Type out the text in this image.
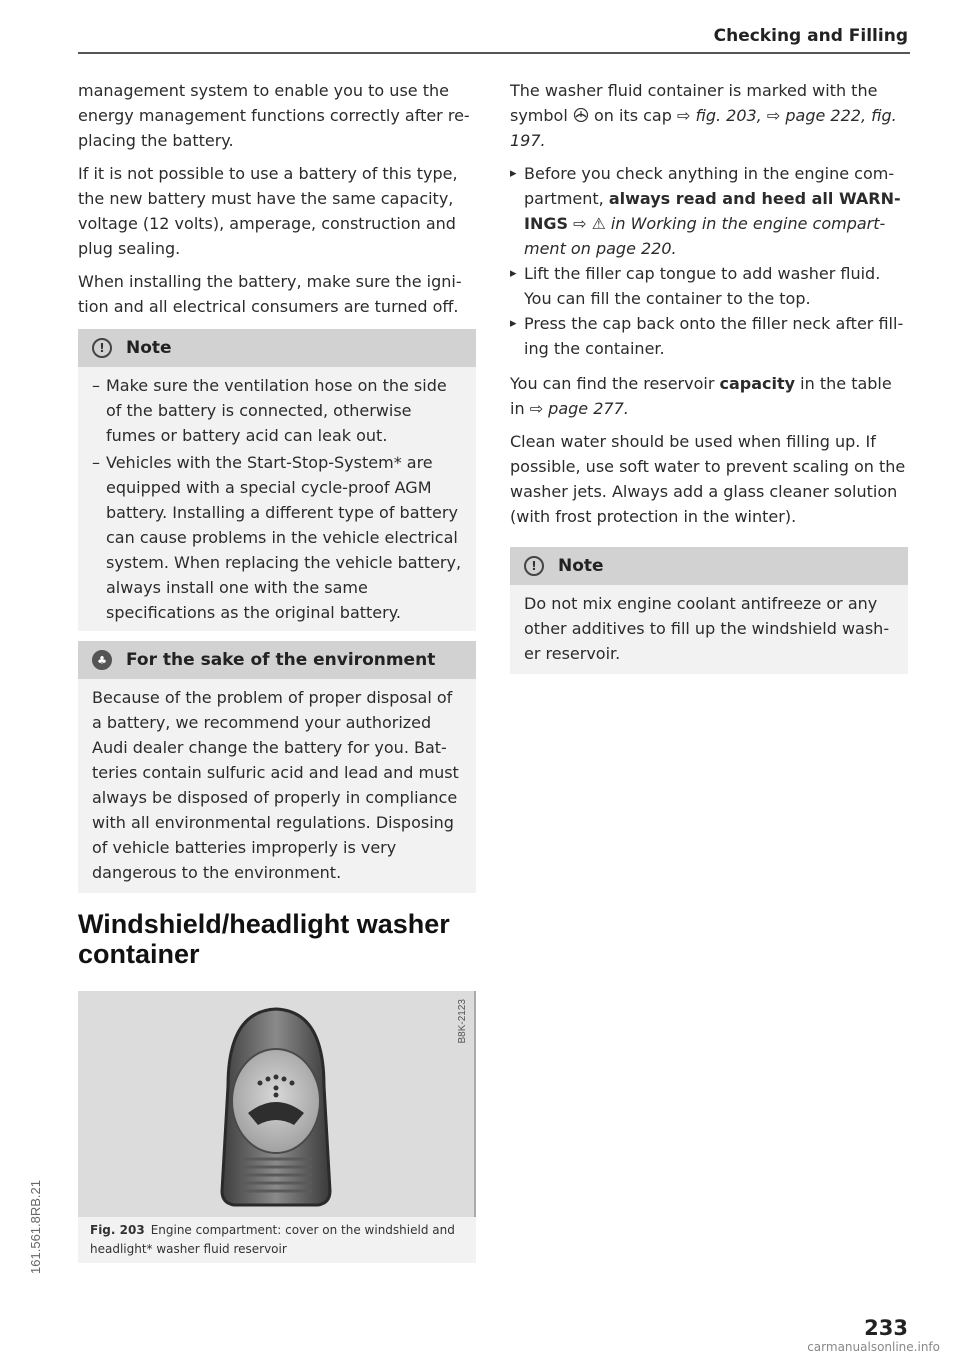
Checking and Filling

management system to enable you to use the energy management functions correctly after replacing the battery.

If it is not possible to use a battery of this type, the new battery must have the same capacity, voltage (12 volts), amperage, construction and plug sealing.

When installing the battery, make sure the ignition and all electrical consumers are turned off.

!	Note
– Make sure the ventilation hose on the side of the battery is connected, otherwise fumes or battery acid can leak out.
– Vehicles with the Start-Stop-System* are equipped with a special cycle-proof AGM battery. Installing a different type of battery can cause problems in the vehicle electrical system. When replacing the vehicle battery, always install one with the same specifications as the original battery.
♣ For the sake of the environment

Because of the problem of proper disposal of a battery, we recommend your authorized Audi dealer change the battery for you. Batteries contain sulfuric acid and lead and must always be disposed of properly in compliance with all environmental regulations. Disposing of vehicle batteries improperly is very dangerous to the environment.

Windshield/headlight washer container
B8K-2123
Fig. 203 Engine compartment: cover on the windshield and headlight* washer fluid reservoir

The washer fluid container is marked with the symbol on its cap ⇨ fig. 203, ⇨ page 222, fig. 197.

▸ Before you check anything in the engine compartment, always read and heed all WARNINGS ⇨ ⚠ in Working in the engine compartment on page 220.
▸ Lift the filler cap tongue to add washer fluid. You can fill the container to the top.
▸ Press the cap back onto the filler neck after filling the container.

You can find the reservoir capacity in the table in ⇨ page 277.

Clean water should be used when filling up. If possible, use soft water to prevent scaling on the washer jets. Always add a glass cleaner solution (with frost protection in the winter).

!	Note

Do not mix engine coolant antifreeze or any other additives to fill up the windshield washer reservoir.

161.561.8RB.21
233
carmanualsonline.info
